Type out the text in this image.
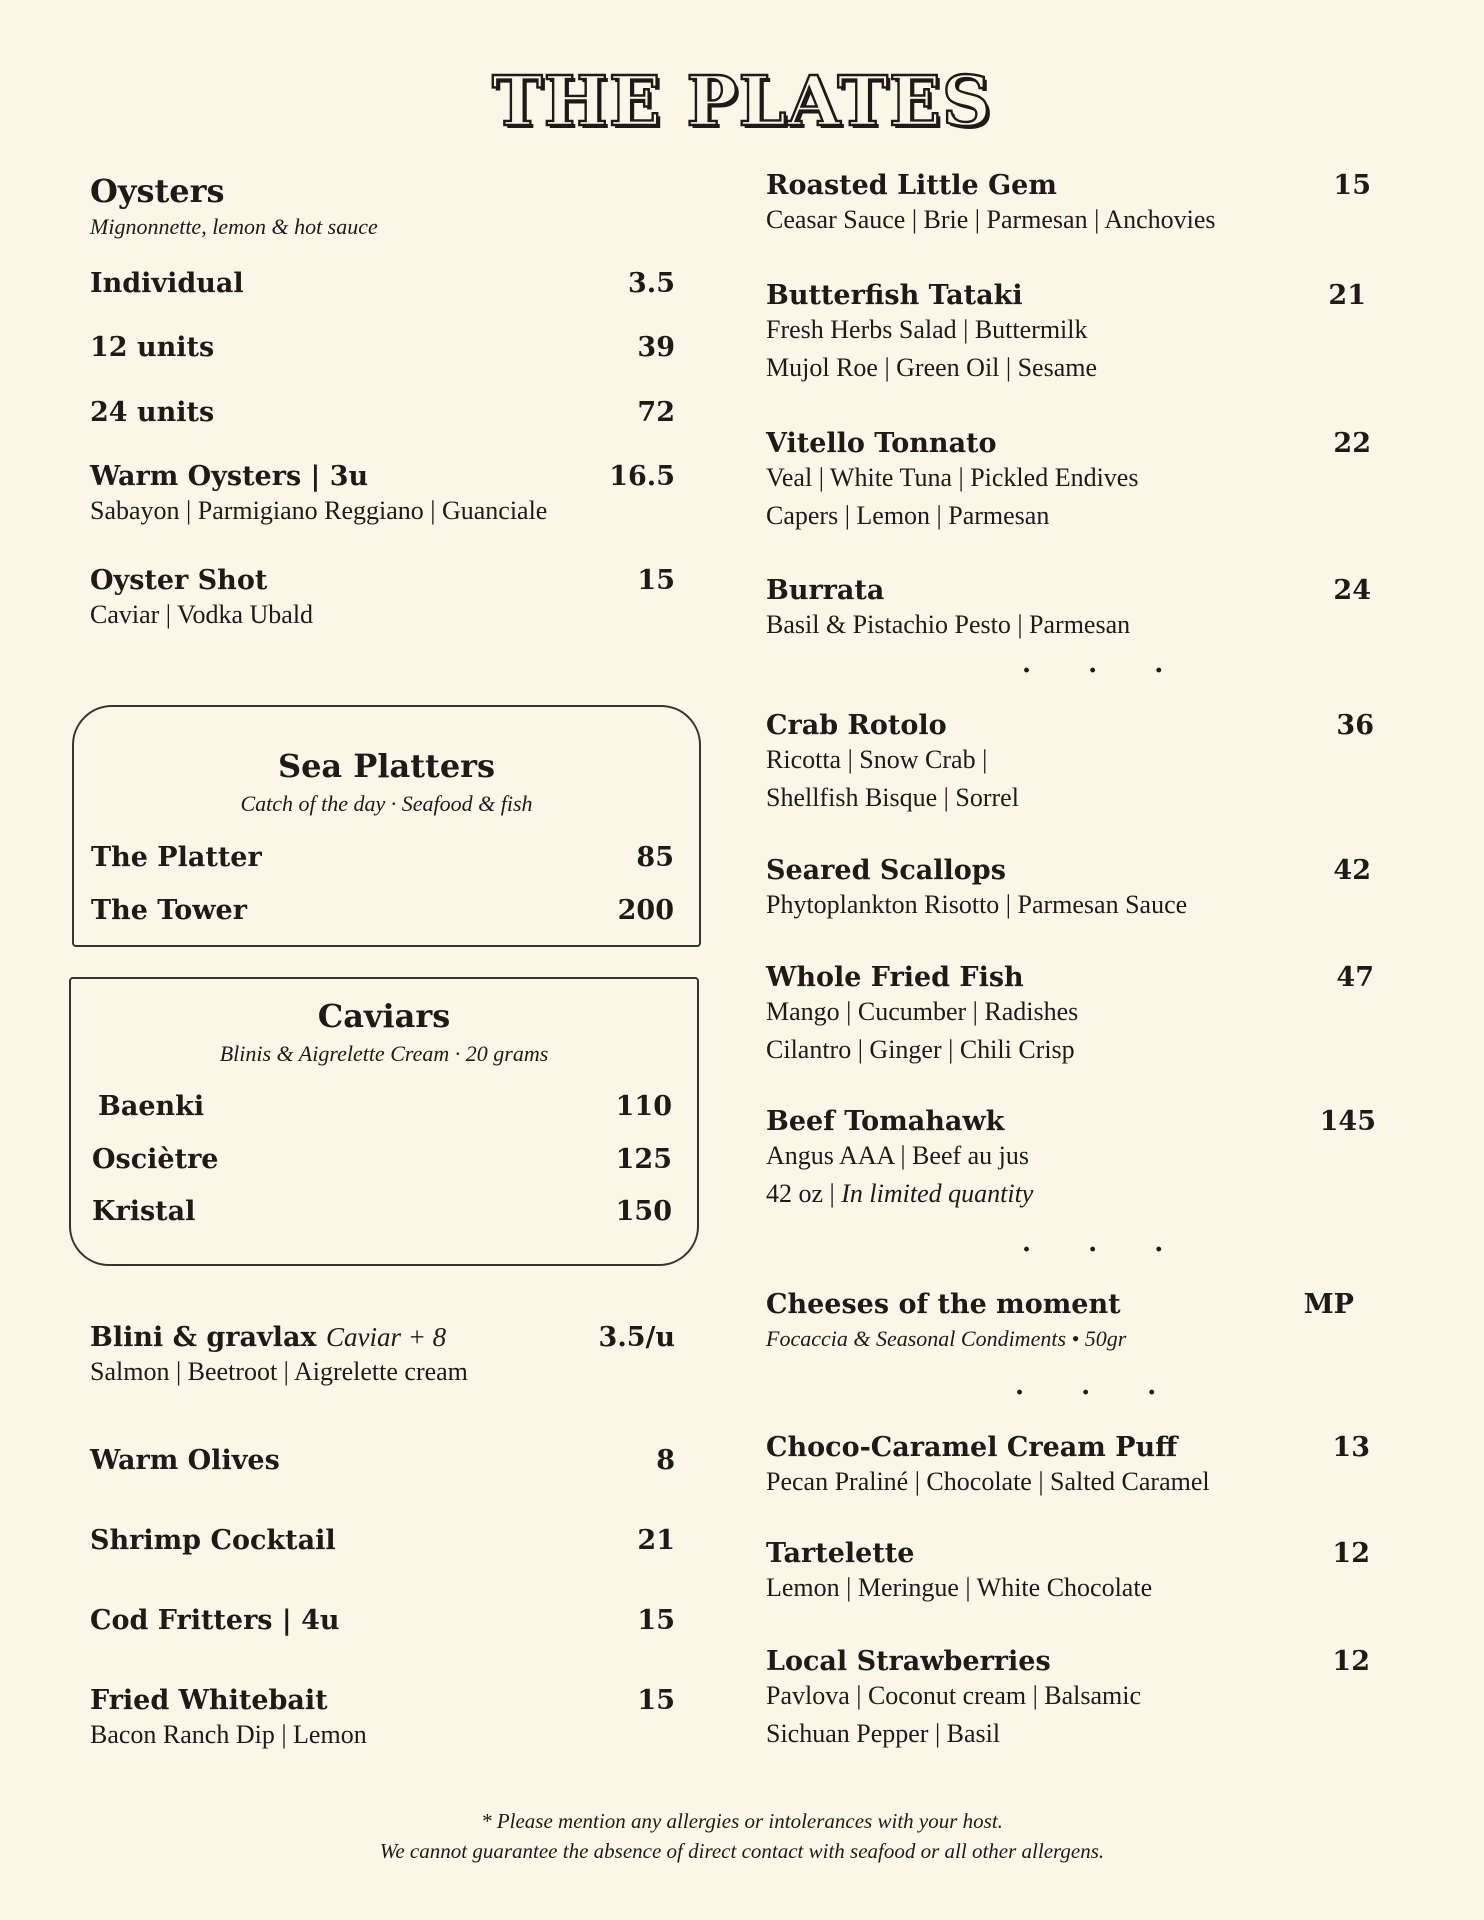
THE PLATES
Oysters
Mignonnette, lemon & hot sauce
Individual	3.5
12 units	39
24 units	72
Warm Oysters | 3u	16.5
Sabayon | Parmigiano Reggiano | Guanciale
Oyster Shot	15
Caviar | Vodka Ubald
Sea Platters
Catch of the day · Seafood & fish
The Platter	85
The Tower	200
Caviars
Blinis & Aigrelette Cream · 20 grams
Baenki	110
Osciètre	125
Kristal	150
Blini & gravlax Caviar + 8	3.5/u
Salmon | Beetroot | Aigrelette cream
Warm Olives	8
Shrimp Cocktail	21
Cod Fritters | 4u	15
Fried Whitebait	15
Bacon Ranch Dip | Lemon
Roasted Little Gem	15
Ceasar Sauce | Brie | Parmesan | Anchovies
Butterfish Tataki	21
Fresh Herbs Salad | Buttermilk
Mujol Roe | Green Oil | Sesame
Vitello Tonnato	22
Veal | White Tuna | Pickled Endives
Capers | Lemon | Parmesan
Burrata	24
Basil & Pistachio Pesto | Parmesan
· · ·
Crab Rotolo	36
Ricotta | Snow Crab |
Shellfish Bisque | Sorrel
Seared Scallops	42
Phytoplankton Risotto | Parmesan Sauce
Whole Fried Fish	47
Mango | Cucumber | Radishes
Cilantro | Ginger | Chili Crisp
Beef Tomahawk	145
Angus AAA | Beef au jus
42 oz | In limited quantity
· · ·
Cheeses of the moment	MP
Focaccia & Seasonal Condiments • 50gr
· · ·
Choco-Caramel Cream Puff	13
Pecan Praliné | Chocolate | Salted Caramel
Tartelette	12
Lemon | Meringue | White Chocolate
Local Strawberries	12
Pavlova | Coconut cream | Balsamic
Sichuan Pepper | Basil
* Please mention any allergies or intolerances with your host.
We cannot guarantee the absence of direct contact with seafood or all other allergens.
